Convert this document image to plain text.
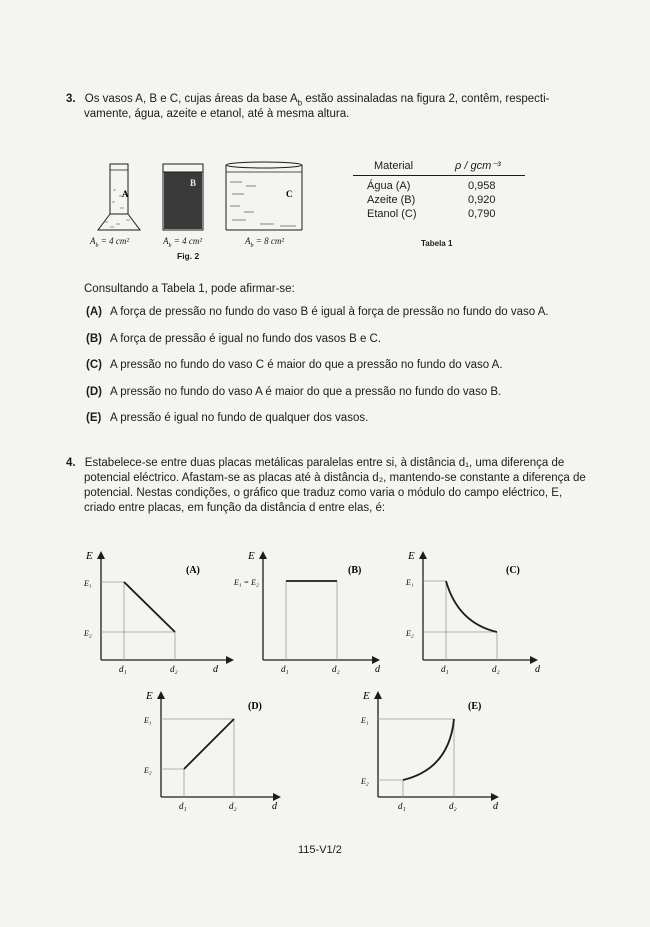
3. Os vasos A, B e C, cujas áreas da base $A_b$ estão assinaladas na figura 2, contêm, respecti-
vamente, água, azeite e etanol, até à mesma altura.
A
B
C
$A_b = 4$ cm²	$A_b = 4$ cm²	$A_b = 8$ cm²
Fig. 2
Material	ρ / gcm⁻³
Água (A)	0,958
Azeite (B)	0,920
Etanol (C)	0,790
Tabela 1
Consultando a Tabela 1, pode afirmar-se:
(A) A força de pressão no fundo do vaso B é igual à força de pressão no fundo do vaso A.
(B) A força de pressão é igual no fundo dos vasos B e C.
(C) A pressão no fundo do vaso C é maior do que a pressão no fundo do vaso A.
(D) A pressão no fundo do vaso A é maior do que a pressão no fundo do vaso B.
(E) A pressão é igual no fundo de qualquer dos vasos.
4. Estabelece-se entre duas placas metálicas paralelas entre si, à distância d₁, uma diferença de
potencial eléctrico. Afastam-se as placas até à distância d₂, mantendo-se constante a diferença de
potencial. Nestas condições, o gráfico que traduz como varia o módulo do campo eléctrico, E,
criado entre placas, em função da distância d entre elas, é:
E
E₁
E₂
d₁	d₂	d
(A)
E
E₁ = E₂
d₁	d₂	d
(B)
E
E₁
E₂
d₁	d₂	d
(C)
E
E₁
E₂
d₁	d₂	d
(D)
E
E₁
E₂
d₁	d₂	d
(E)
115-V1/2
